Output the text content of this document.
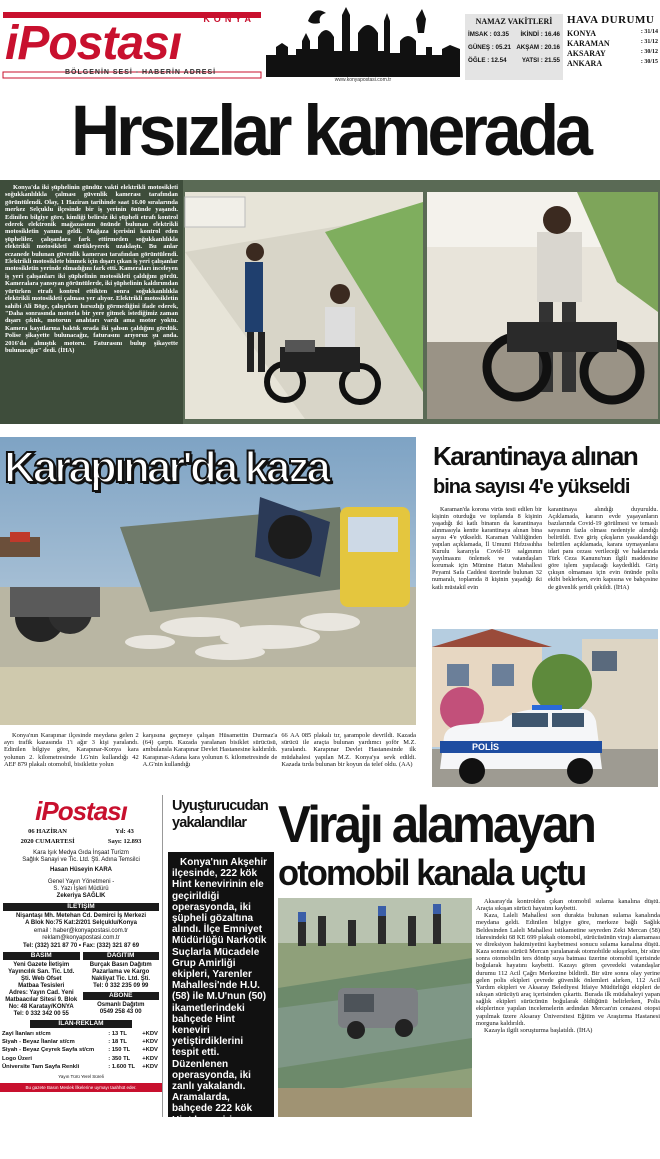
KONYA
iPostası
BÖLGENİN SESİ - HABERİN ADRESİ
www.konyapostasi.com.tr
NAMAZ VAKİTLERİ
İMSAK : 03.35 İKİNDİ : 16.46
GÜNEŞ : 05.21 AKŞAM : 20.16
ÖĞLE : 12.54 YATSI : 21.55
HAVA DURUMU
KONYA	: 31/14
KARAMAN	: 31/12
AKSARAY	: 30/12
ANKARA	: 30/15
Hrsızlar kamerada

Konya'da iki şüphelinin gündüz vakti elektrikli motosikleti soğukkanlılıkla çalması güvenlik kamerası tarafından görüntülendi. Olay, 1 Haziran tarihinde saat 16.00 sıralarında merkez Selçuklu ilçesinde bir iş yerinin önünde yaşandı. Edinilen bilgiye göre, kimliği belirsiz iki şüpheli etrafı kontrol ederek elektronik mağazasının önünde bulunan elektrikli motosikletin yanına geldi. Mağaza içerisini kontrol eden şüpheliler, çalışanlara fark ettirmeden soğukkanlılıkla elektrikli motosikleti sürükleyerek uzaklaştı. Bu anlar eczanede bulunan güvenlik kamerası tarafından görüntülendi. Elektrikli motosiklete binmek için dışarı çıkan iş yeri çalışanlar motosikletin yerinde olmadığını fark etti. Kameraları inceleyen iş yeri çalışanları iki şüphelinin motosikleti çaldığını gördü. Kameralara yansıyan görüntülerde, iki şüphelinin kaldırımdan yürürken etrafı kontrol ettikten sonra soğukkanlılıkla elektrikli motosikleti çalması yer alıyor. Elektrikli motosikletin sahibi Ali Böge, çalışırken hırsızlığı görmediğini ifade ederek, "Daha sonrasında motorla bir yere gitmek istediğimiz zaman dışarı çıktık, motorun anahtarı vardı ama motor yoktu. Kamera kayıtlarına baktık orada iki şahsın çaldığını gördük. Polise şikayette bulunacağız, faturasını arıyoruz şu anda. 2016'da almıştık motoru. Faturasını bulup şikayette bulunacağız" dedi. (İHA)

Karapınar'da kaza

Konya'nın Karapınar ilçesinde meydana gelen 2 ayrı trafik kazasında 1'i ağır 3 kişi yaralandı. Edinilen bilgiye göre, Karapınar-Konya kara yolunun 2. kilometresinde İ.G'nin kullandığı 42 AEF 879 plakalı otomobil, bisiklette yolun

karşısına geçmeye çalışan Hüsamettin Durmaz'a (64) çarptı. Kazada yaralanan bisiklet sürücüsü, ambulansla Karapınar Devlet Hastanesine kaldırıldı. Karapınar-Adana kara yolunun 6. kilometresinde de A.G'nin kullandığı

66 AA 085 plakalı tır, şarampole devrildi. Kazada sürücü ile araçta bulunan yardımcı şoför M.Z. yaralandı. Karapınar Devlet Hastanesinde ilk müdahalesi yapılan M.Z. Konya'ya sevk edildi. Kazada tırda bulunan bir koyun da telef oldu. (AA)

Karantinaya alınan
bina sayısı 4'e yükseldi

Karaman'da korona virüs testi edilen bir kişinin oturduğu ve toplamda 8 kişinin yaşadığı iki katlı binanın da karantinaya alınmasıyla kentte karantinaya alınan bina sayısı 4'e yükseldi. Karaman Valiliğinden yapılan açıklamada, İl Umumi Hıfzıssıhha Kurulu kararıyla Covid-19 salgınının yayılmasını önlemek ve vatandaşları korumak için Mümine Hatun Mahallesi Peyami Safa Caddesi üzerinde bulunan 32 numaralı, toplamda 8 kişinin yaşadığı iki katlı müstakil evin

karantinaya alındığı duyuruldu. Açıklamada, kararın evde yaşayanların bazılarında Covid-19 görülmesi ve temaslı sayısının fazla olması nedeniyle alındığı belirtildi. Eve giriş çıkışların yasaklandığı belirtilen açıklamada, karara uymayanlara idari para cezası verileceği ve haklarında Türk Ceza Kanunu'nun ilgili maddesine göre işlem yapılacağı kaydedildi. Giriş çıkışın olmaması için evin önünde polis ekibi beklerken, evin kapısına ve bahçesine de güvenlik şeridi çekildi. (İHA)

POLİS
iPostası
06 HAZİRAN	Yıl: 43
2020 CUMARTESİ	Sayı: 12.893
Kara Işık Medya Gıda İnşaat Turizm
Sağlık Sanayi ve Tic. Ltd. Şti. Adına Temsilci
Hasan Hüseyin KARA
Genel Yayın Yönetmeni -
S. Yazı İşleri Müdürü
Zekeriya SAĞLIK
İLETİŞİM
Nişantaşı Mh. Metehan Cd. Demirci İş Merkezi
A Blok No:75 Kat:2/201 Selçuklu/Konya
email : haber@konyapostasi.com.tr
reklam@konyapostasi.com.tr
Tel: (332) 321 87 70 • Fax: (332) 321 87 69
BASIM
Yeni Gazete İletişim
Yayıncılık San. Tic. Ltd.
Şti. Web Ofset
Matbaa Tesisleri
Adres: Yayın Cad. Yeni
Matbaacılar Sitesi 9. Blok
No: 48 Karatay/KONYA
Tel: 0 332 342 00 55
DAĞITIM
Burçak Basın Dağıtım
Pazarlama ve Kargo
Nakliyat Tic. Ltd. Şti.
Tel: 0 332 235 09 99
ABONE
Osmanlı Dağıtım
0549 258 43 00
İLAN-REKLAM
Zayi İlanları st/cm	: 13 TL	+KDV
Siyah - Beyaz İlanlar st/cm	: 18 TL	+KDV
Siyah - Beyaz Çeyrek Sayfa st/cm	: 150 TL	+KDV
Logo Üzeri	: 350 TL	+KDV
Üniversite Tam Sayfa Renkli	: 1.600 TL	+KDV
Yayın Türü Yerel Süreli
Bu gazete Basın Meslek İlkelerine uymayı taahhüt eder.
Uyuşturucudan
yakalandılar

Konya'nın Akşehir ilçesinde, 222 kök Hint kenevirinin ele geçirildiği operasyonda, iki şüpheli gözaltına alındı. İlçe Emniyet Müdürlüğü Narkotik Suçlarla Mücadele Grup Amirliği ekipleri, Yarenler Mahallesi'nde H.U. (58) ile M.U'nun (50) ikametlerindeki bahçede Hint keneviri yetiştirdiklerini tespit etti. Düzenlenen operasyonda, iki zanlı yakalandı. Aramalarda, bahçede 222 kök Hint keneviri, H.U'nun evinde de 12 şişe kaçak içki ele geçirildi. (AA)

Virajı alamayan
otomobil kanala uçtu

Aksaray'da kontrolden çıkan otomobil sulama kanalına düştü. Araçta sıkışan sürücü hayatını kaybetti.

Kaza, Laleli Mahallesi son durakta bulunan sulama kanalında meydana geldi. Edinilen bilgiye göre, merkeze bağlı Sağlık Beldesinden Laleli Mahallesi istikametine seyreden Zeki Mercan (58) idaresindeki 68 KE 699 plakalı otomobil, sürücüsünün virajı alamaması ve direksiyon hakimiyetini kaybetmesi sonucu sulama kanalına düştü. Kaza sonrası sürücü Mercan yaralanarak otomobilde sıkışırken, bir süre sonra otomobilin ters dönüp suya batması üzerine otomobil içerisinde boğularak hayatını kaybetti. Kazayı gören çevredeki vatandaşlar durumu 112 Acil Çağrı Merkezine bildirdi. Bir süre sonra olay yerine gelen polis ekipleri çevrede güvenlik önlemleri alırken, 112 Acil Yardım ekipleri ve Aksaray Belediyesi İtfaiye Müdürlüğü ekipleri de sıkışan sürücüyü araç içerisinden çıkarttı. Burada ilk müdahaleyi yapan sağlık ekipleri sürücünün boğularak öldüğünü belirlerken, Polis ekiplerince yapılan incelemelerin ardından Mercan'ın cenazesi otopsi yapılmak üzere Aksaray Üniversitesi Eğitim ve Araştırma Hastanesi morguna kaldırıldı.

Kazayla ilgili soruşturma başlatıldı. (İHA)
